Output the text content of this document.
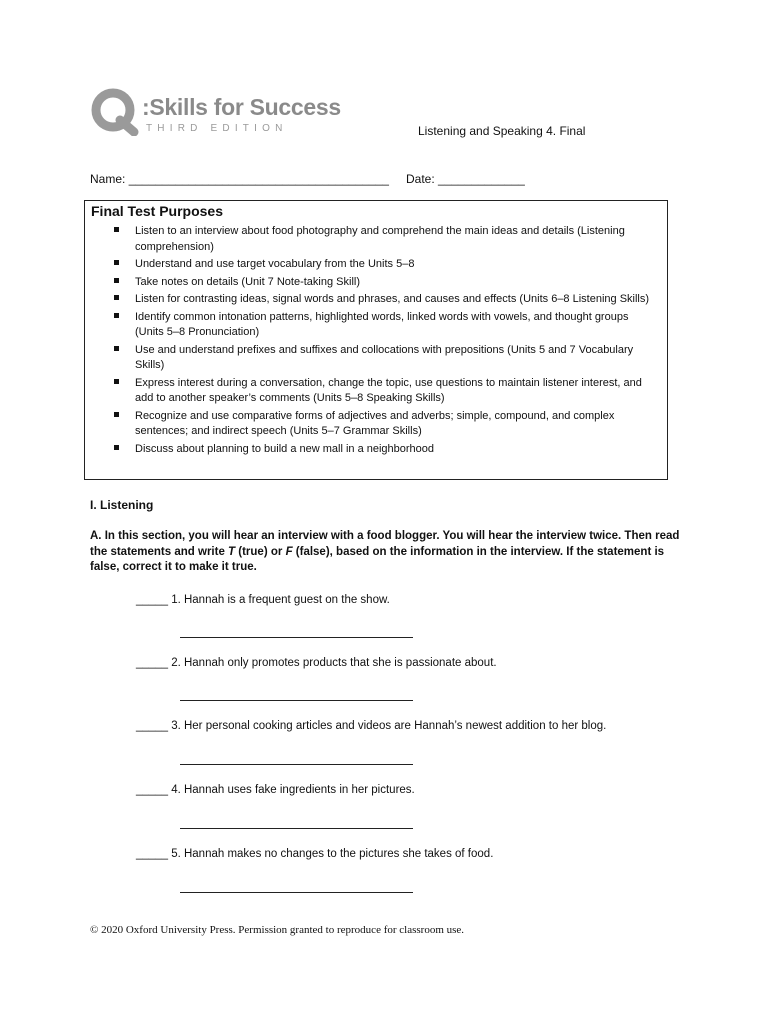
:Skills for Success
THIRD EDITION	Listening and Speaking 4. Final
Name: _______________________________________ Date: _____________
Final Test Purposes
Listen to an interview about food photography and comprehend the main ideas and details (Listening comprehension)
Understand and use target vocabulary from the Units 5–8
Take notes on details (Unit 7 Note-taking Skill)
Listen for contrasting ideas, signal words and phrases, and causes and effects (Units 6–8 Listening Skills)
Identify common intonation patterns, highlighted words, linked words with vowels, and thought groups (Units 5–8 Pronunciation)
Use and understand prefixes and suffixes and collocations with prepositions (Units 5 and 7 Vocabulary Skills)
Express interest during a conversation, change the topic, use questions to maintain listener interest, and add to another speaker’s comments (Units 5–8 Speaking Skills)
Recognize and use comparative forms of adjectives and adverbs; simple, compound, and complex sentences; and indirect speech (Units 5–7 Grammar Skills)
Discuss about planning to build a new mall in a neighborhood
I. Listening
A. In this section, you will hear an interview with a food blogger. You will hear the interview twice. Then read the statements and write T (true) or F (false), based on the information in the interview. If the statement is false, correct it to make it true.
_____ 1. Hannah is a frequent guest on the show.
_____ 2. Hannah only promotes products that she is passionate about.
_____ 3. Her personal cooking articles and videos are Hannah’s newest addition to her blog.
_____ 4. Hannah uses fake ingredients in her pictures.
_____ 5. Hannah makes no changes to the pictures she takes of food.
© 2020 Oxford University Press. Permission granted to reproduce for classroom use.
